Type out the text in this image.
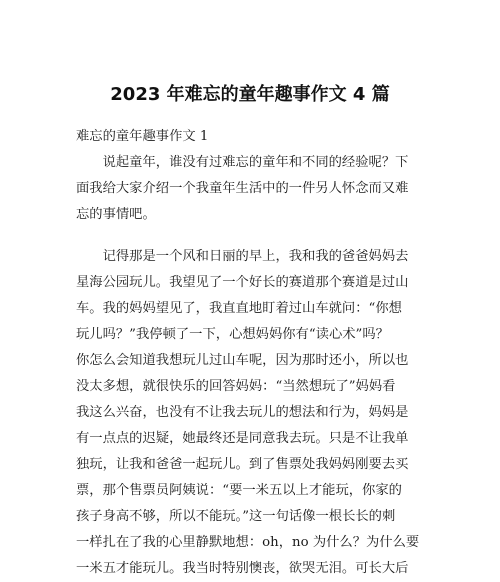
2023 年难忘的童年趣事作文 4 篇
难忘的童年趣事作文 1
　　说起童年，谁没有过难忘的童年和不同的经验呢？下
面我给大家介绍一个我童年生活中的一件另人怀念而又难
忘的事情吧。
　　记得那是一个风和日丽的早上，我和我的爸爸妈妈去
星海公园玩儿。我望见了一个好长的赛道那个赛道是过山
车。我的妈妈望见了，我直直地盯着过山车就问：“你想
玩儿吗？”我停顿了一下，心想妈妈你有“读心术”吗？
你怎么会知道我想玩儿过山车呢，因为那时还小，所以也
没太多想，就很快乐的回答妈妈：“当然想玩了”妈妈看
我这么兴奋，也没有不让我去玩儿的想法和行为，妈妈是
有一点点的迟疑，她最终还是同意我去玩。只是不让我单
独玩，让我和爸爸一起玩儿。到了售票处我妈妈刚要去买
票，那个售票员阿姨说：“要一米五以上才能玩，你家的
孩子身高不够，所以不能玩。”这一句话像一根长长的刺
一样扎在了我的心里静默地想：oh，no 为什么？为什么要
一米五才能玩儿。我当时特别懊丧，欲哭无泪。可长大后
